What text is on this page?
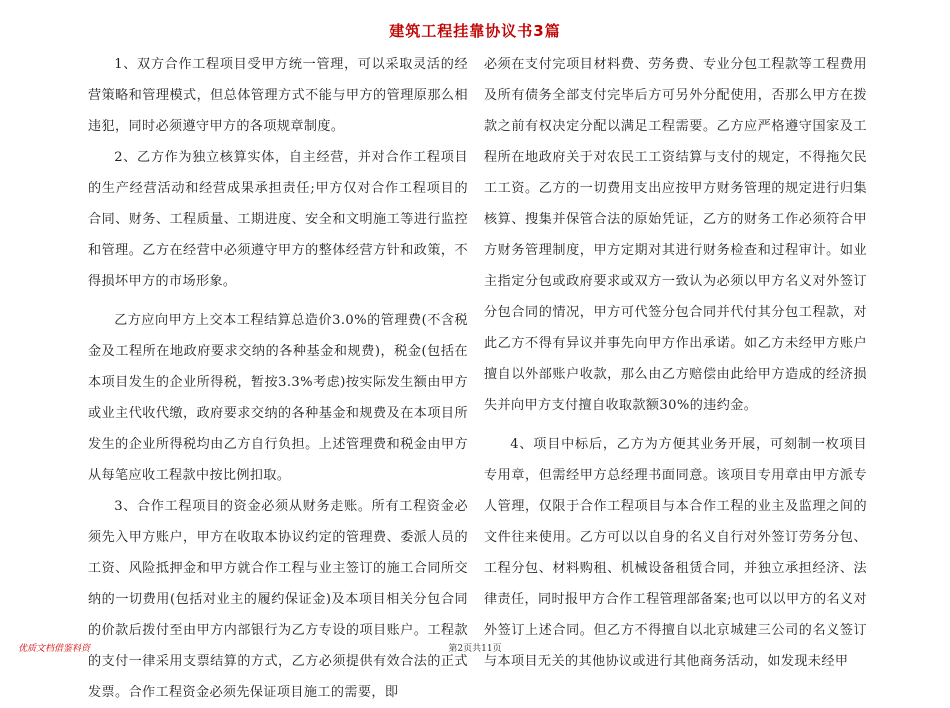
建筑工程挂靠协议书3篇

1、双方合作工程项目受甲方统一管理，可以采取灵活的经营策略和管理模式，但总体管理方式不能与甲方的管理原那么相违犯，同时必须遵守甲方的各项规章制度。

2、乙方作为独立核算实体，自主经营，并对合作工程项目的生产经营活动和经营成果承担责任;甲方仅对合作工程项目的合同、财务、工程质量、工期进度、安全和文明施工等进行监控和管理。乙方在经营中必须遵守甲方的整体经营方针和政策，不得损坏甲方的市场形象。

乙方应向甲方上交本工程结算总造价3.0%的管理费(不含税金及工程所在地政府要求交纳的各种基金和规费)，税金(包括在本项目发生的企业所得税，暂按3.3%考虑)按实际发生额由甲方或业主代收代缴，政府要求交纳的各种基金和规费及在本项目所发生的企业所得税均由乙方自行负担。上述管理费和税金由甲方从每笔应收工程款中按比例扣取。

3、合作工程项目的资金必须从财务走账。所有工程资金必须先入甲方账户，甲方在收取本协议约定的管理费、委派人员的工资、风险抵押金和甲方就合作工程与业主签订的施工合同所交纳的一切费用(包括对业主的履约保证金)及本项目相关分包合同的价款后拨付至由甲方内部银行为乙方专设的项目账户。工程款的支付一律采用支票结算的方式，乙方必须提供有效合法的正式发票。合作工程资金必须先保证项目施工的需要，即

必须在支付完项目材料费、劳务费、专业分包工程款等工程费用及所有债务全部支付完毕后方可另外分配使用，否那么甲方在拨款之前有权决定分配以满足工程需要。乙方应严格遵守国家及工程所在地政府关于对农民工工资结算与支付的规定，不得拖欠民工工资。乙方的一切费用支出应按甲方财务管理的规定进行归集核算、搜集并保管合法的原始凭证，乙方的财务工作必须符合甲方财务管理制度，甲方定期对其进行财务检查和过程审计。如业主指定分包或政府要求或双方一致认为必须以甲方名义对外签订分包合同的情况，甲方可代签分包合同并代付其分包工程款，对此乙方不得有异议并事先向甲方作出承诺。如乙方未经甲方账户擅自以外部账户收款，那么由乙方赔偿由此给甲方造成的经济损失并向甲方支付擅自收取款额30%的违约金。

4、项目中标后，乙方为方便其业务开展，可刻制一枚项目专用章，但需经甲方总经理书面同意。该项目专用章由甲方派专人管理，仅限于合作工程项目与本合作工程的业主及监理之间的文件往来使用。乙方可以以自身的名义自行对外签订劳务分包、工程分包、材料购租、机械设备租赁合同，并独立承担经济、法律责任，同时报甲方合作工程管理部备案;也可以以甲方的名义对外签订上述合同。但乙方不得擅自以北京城建三公司的名义签订与本项目无关的其他协议或进行其他商务活动，如发现未经甲

优质文档借鉴料资	第2页共11页
